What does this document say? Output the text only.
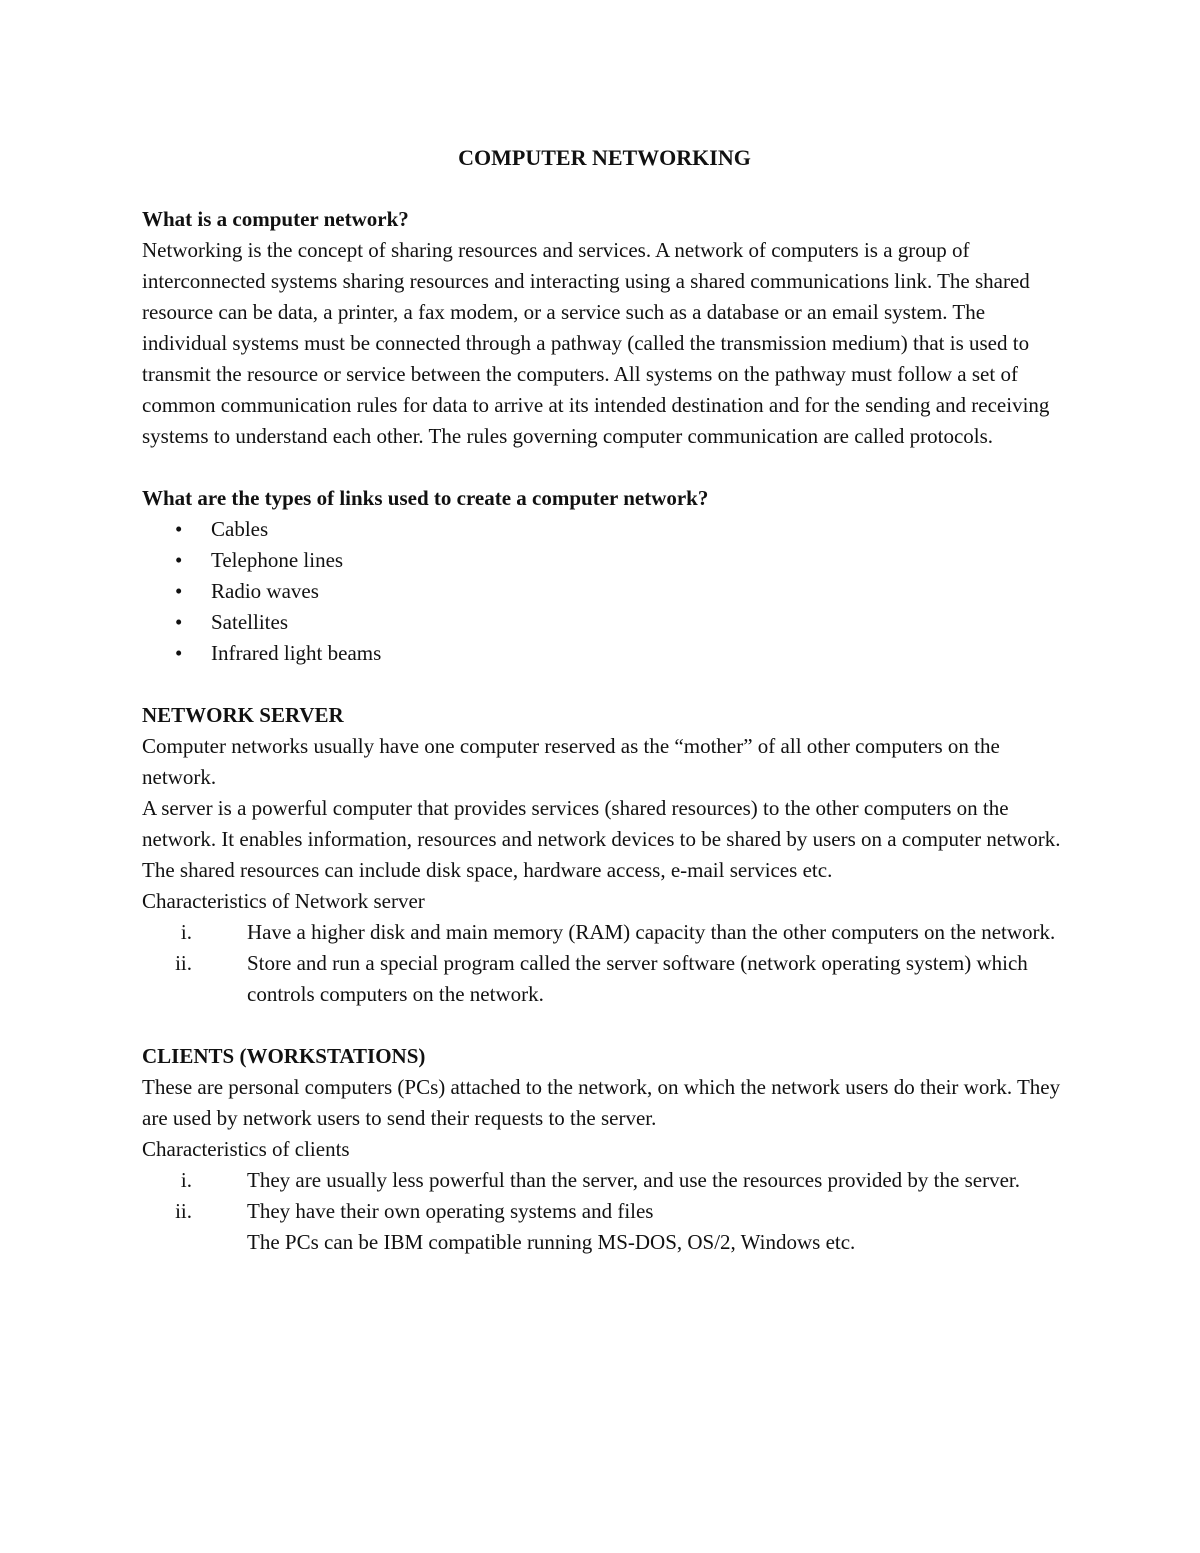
COMPUTER NETWORKING

What is a computer network?

Networking is the concept of sharing resources and services. A network of computers is a group of interconnected systems sharing resources and interacting using a shared communications link. The shared resource can be data, a printer, a fax modem, or a service such as a database or an email system. The individual systems must be connected through a pathway (called the transmission medium) that is used to transmit the resource or service between the computers. All systems on the pathway must follow a set of common communication rules for data to arrive at its intended destination and for the sending and receiving systems to understand each other. The rules governing computer communication are called protocols.

What are the types of links used to create a computer network?

• Cables
• Telephone lines
• Radio waves
• Satellites
• Infrared light beams

NETWORK SERVER

Computer networks usually have one computer reserved as the “mother” of all other computers on the network.

A server is a powerful computer that provides services (shared resources) to the other computers on the network. It enables information, resources and network devices to be shared by users on a computer network. The shared resources can include disk space, hardware access, e-mail services etc.

Characteristics of Network server

i.	Have a higher disk and main memory (RAM) capacity than the other computers on the network.
ii.	Store and run a special program called the server software (network operating system) which controls computers on the network.

CLIENTS (WORKSTATIONS)

These are personal computers (PCs) attached to the network, on which the network users do their work. They are used by network users to send their requests to the server.

Characteristics of clients

i.	They are usually less powerful than the server, and use the resources provided by the server.
ii.	They have their own operating systems and files

The PCs can be IBM compatible running MS-DOS, OS/2, Windows etc.
